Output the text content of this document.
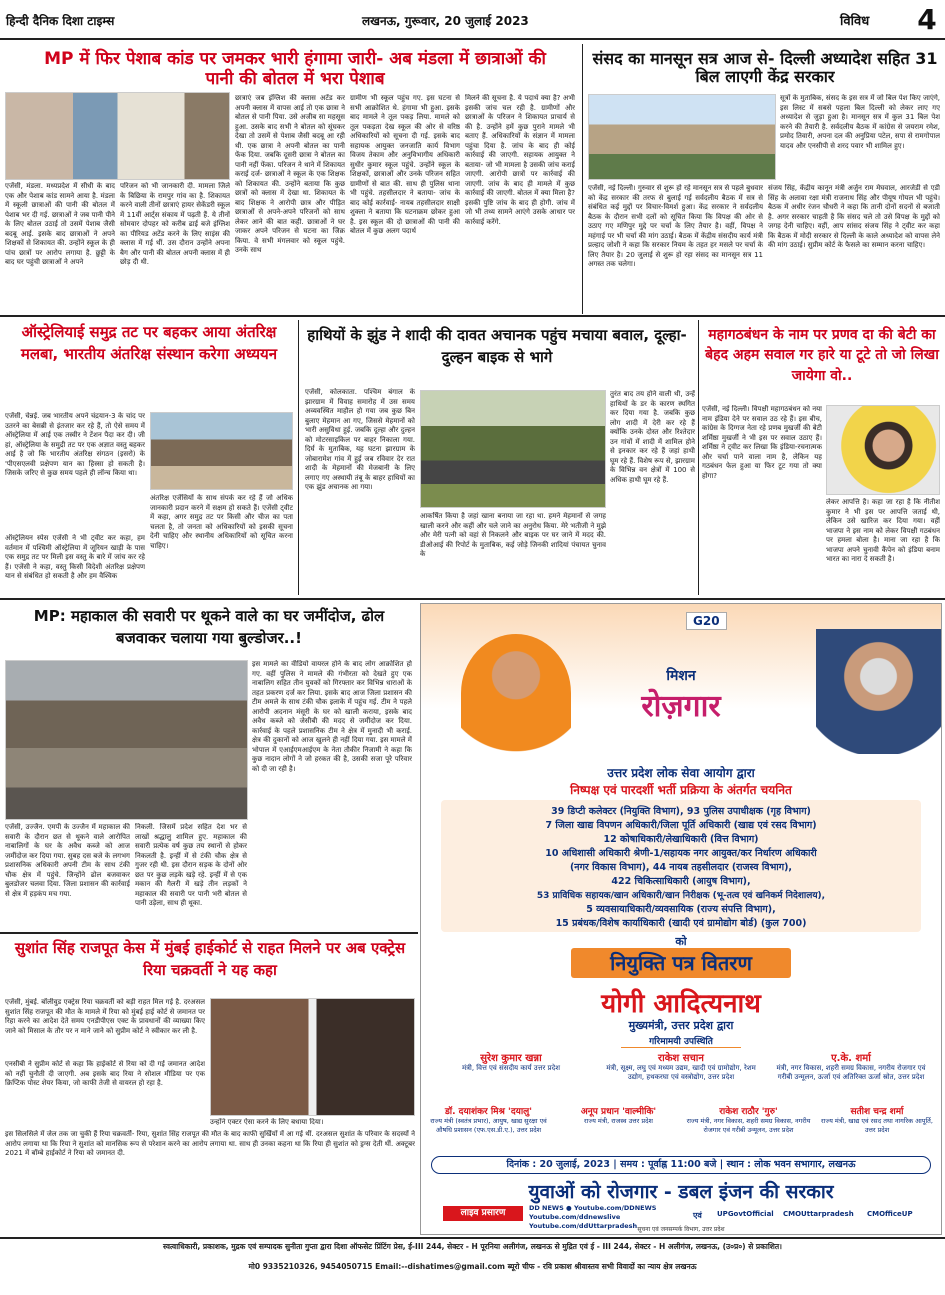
हिन्दी दैनिक दिशा टाइम्स	लखनऊ, गुरूवार, 20 जुलाई 2023	विविध 4
MP में फिर पेशाब कांड पर जमकर भारी हंगामा जारी- अब मंडला में छात्राओं की पानी की बोतल में भरा पेशाब
एजेंसी, मंडला. मध्यप्रदेश में सीधी के बाद एक और पेशाब कांड सामने आया है. मंडला में स्कूली छात्राओं की पानी की बोतल में पेशाब भर दी गई. छात्राओं ने जब पानी पीने के लिए बोतल उठाई तो उसमें पेशाब जैसी बदबू आई. इसके बाद छात्राओं ने अपने शिक्षकों से शिकायत की. उन्होंने स्कूल के ही पांच छात्रों पर आरोप लगाया है. छुट्टी के बाद घर पहुंची छात्राओं ने अपने
परिजन को भी जानकारी दी. मामला जिले के बिछिया के रामपुर गांव का है. शिकायत करने वाली तीनों छात्राएं हायर सेकेंडरी स्कूल में 11वीं आर्ट्स संकाय में पढ़ती हैं. ये तीनों सोमवार दोपहर को करीब ढाई बजे इंग्लिश का पीरियड अटेंड करने के लिए साइंस की क्लास में गई थीं. उस दौरान उन्होंने अपना बैग और पानी की बोतल अपनी क्लास में ही छोड़ दी थी.
छात्राएं जब इंग्लिश की क्लास अटेंड कर अपनी क्लास में वापस आई तो एक छात्रा ने बोतल से पानी पिया. उसे अजीब सा महसूस हुआ. उसके बाद सभी ने बोतल को सूंघकर देखा तो उसमें से पेशाब जैसी बदबू आ रही थी. एक छात्रा ने अपनी बोतल का पानी फेंक दिया. जबकि दूसरी छात्रा ने बोतल का पानी नहीं फेंका. परिजन ने थाने में शिकायत कराई दर्ज- छात्राओं ने स्कूल के एक शिक्षक को शिकायत की. उन्होंने बताया कि कुछ छात्रों को क्लास में देखा था. शिकायत के बाद शिक्षक ने आरोपी छात्र और पीड़ित छात्राओं से अपने-अपने परिजनों को साथ लेकर आने की बात कही. छात्राओं ने घर जाकर अपने परिजन से घटना का जिक्र किया. वे सभी मंगलवार को स्कूल पहुंचे. उनके साथ
ग्रामीण भी स्कूल पहुंच गए. इस घटना से सभी आक्रोशित थे. हंगामा भी हुआ. इसके बाद मामले ने तूल पकड़ लिया. मामले को तूल पकड़ता देख स्कूल की ओर से वरिष्ठ अधिकारियों को सूचना दी गई. इसके बाद सहायक आयुक्त जनजाति कार्य विभाग विजय तेकाम और अनुविभागीय अधिकारी सुधीर कुमार स्कूल पहुंचे. उन्होंने स्कूल के शिक्षकों, छात्राओं और उनके परिजन सहित ग्रामीणों से बात की. साथ ही पुलिस थाना भी पहुंचे. तहसीलदार ने बताया- जांच के बाद कोई कार्रवाई- नायब तहसीलदार साक्षी शुक्ला ने बताया कि घटनाक्रम छोकर हुआ है. इस स्कूल की दो छात्राओं की पानी की बोतल में कुछ अलग पदार्थ
मिलने की सूचना है. ये पदार्थ क्या है? अभी इसकी जांच चल रही है. ग्रामीणों और छात्राओं के परिजन ने शिकायत प्राचार्य से की है. उन्होंने हमें कुछ पुराने मामले भी बताए हैं. अधिकारियों के संज्ञान में मामला पहुंचा दिया है. जांच के बाद ही कोई कार्रवाई की जाएगी. सहायक आयुक्त ने बताया- जो भी मामला है उसकी जांच कराई जाएगी. आरोपी छात्रों पर कार्रवाई की जाएगी. जांच के बाद ही मामले में कुछ कार्रवाई की जाएगी. बोतल में क्या मिला है? इसकी पुष्टि जांच के बाद ही होगी. जांच में जो भी तथ्य सामने आएंगे उसके आधार पर कार्रवाई करेंगे.
संसद का मानसून सत्र आज से- दिल्ली अध्यादेश सहित 31 बिल लाएगी केंद्र सरकार
सूत्रों के मुताबिक, संसद के इस सत्र में जो बिल पेश किए जाएंगे, इस लिस्ट में सबसे पहला बिल दिल्ली को लेकर लाए गए अध्यादेश से जुड़ा हुआ है। मानसून सत्र में कुल 31 बिल पेश करने की तैयारी है. सर्वदलीय बैठक में कांग्रेस से जयराम रमेश, प्रमोद तिवारी, अपना दल की अनुप्रिया पटेल, सपा से रामगोपाल यादव और एनसीपी से शरद पवार भी शामिल हुए।
एजेंसी, नई दिल्ली। गुरुवार से शुरू हो रहे मानसून सत्र से पहले बुधवार को केंद्र सरकार की तरफ से बुलाई गई सर्वदलीय बैठक में सत्र से संबंधित कई मुद्दों पर विचार-विमर्श हुआ। केंद्र सरकार ने सर्वदलीय बैठक के दौरान सभी दलों को सूचित किया कि विपक्ष की ओर से उठाए गए मणिपुर मुद्दे पर चर्चा के लिए तैयार है। वहीं, विपक्ष ने महंगाई पर भी चर्चा की मांग उठाई। बैठक में केंद्रीय संसदीय कार्य मंत्री प्रल्हाद जोशी ने कहा कि सरकार नियम के तहत हर मसले पर चर्चा के लिए तैयार है। 20 जुलाई से शुरू हो रहा संसद का मानसून सत्र 11 अगस्त तक चलेगा।
संजय सिंह, केंद्रीय कानून मंत्री अर्जुन राम मेघवाल, आरजेडी से एडी सिंह के अलावा रक्षा मंत्री राजनाथ सिंह और पीयूष गोयल भी पहुंचे। बैठक में अधीर रंजन चौधरी ने कहा कि तानी दोनों सदनों से बजाती है. अगर सरकार चाहती है कि संसद चले तो उसे विपक्ष के मुद्दों को जगह देनी चाहिए। वहीं, आप सांसद संजय सिंह ने ट्वीट कर कहा कि बैठक में मोदी सरकार से दिल्ली के काले अध्यादेश को वापस लेने की मांग उठाई। सुप्रीम कोर्ट के फैसले का सम्मान करना चाहिए।
ऑस्ट्रेलियाई समुद्र तट पर बहकर आया अंतरिक्ष मलबा, भारतीय अंतरिक्ष संस्थान करेगा अध्ययन
एजेंसी, चेन्नई. जब भारतीय अपने चंद्रयान-3 के चांद पर उतरने का बेसब्री से इंतजार कर रहे हैं, तो ऐसे समय में ऑस्ट्रेलिया में आई एक तस्वीर ने टेंशन पैदा कर दी। जी हां, ऑस्ट्रेलिया के समुद्री तट पर एक अज्ञात वस्तु बहकर आई है जो कि भारतीय अंतरिक्ष संगठन (इसरो) के 'पीएसएलवी प्रक्षेपण यान का हिस्सा हो सकती है। जिसके जरिए से कुछ समय पहले ही लॉन्च किया था।
अंतरिक्ष एजेंसियों के साथ संपर्क कर रहे हैं जो अधिक जानकारी प्रदान करने में सक्षम हो सकते हैं। एजेंसी ट्वीट में कहा, अगर समुद्र तट पर किसी और चीज का पता चलता है, तो जनता को अधिकारियों को इसकी सूचना देनी चाहिए और स्थानीय अधिकारियों को सूचित करना चाहिए।
ऑस्ट्रेलियन स्पेस एजेंसी ने भी ट्वीट कर कहा, हम वर्तमान में पश्चिमी ऑस्ट्रेलिया में जूरियन खाड़ी के पास एक समुद्र तट पर मिली इस वस्तु के बारे में जांच कर रहे हैं। एजेंसी ने कहा, वस्तु किसी विदेशी अंतरिक्ष प्रक्षेपण यान से संबंधित हो सकती है और हम वैश्विक
हाथियों के झुंड ने शादी की दावत अचानक पहुंच मचाया बवाल, दूल्हा-दुल्हन बाइक से भागे
एजेंसी, कोलकाता. पश्चिम बंगाल के झारग्राम में विवाह समारोह में उस समय अव्यवस्थित माहौल हो गया जब कुछ बिन बुलाए मेहमान आ गए, जिससे मेहमानों को भारी असुविधा हुई. जबकि दूल्हा और दुल्हन को मोटरसाइकिल पर बाहर निकाला गया. दिर्घ के मुताबिक, यह घटना झारग्राम के जोबारामेश गांव में हुई जब रविवार देर रात शादी के मेहमानों की मेजबानी के लिए लगाए गए अस्थायी तंबू के बाहर हाथियों का एक झुंड अचानक आ गया।
आकर्षित किया है जहां खाना बनाया जा रहा था. हमने मेहमानों से जगह खाली करने और कहीं और चले जाने का अनुरोध किया. मेरे भतीजी ने मुझे और मेरी पत्नी को वहां से निकलने और बाइक पर घर जाने में मदद की. डीओआई की रिपोर्ट के मुताबिक, कई जोड़े जिनकी शादियां पंचायत चुनाव के
तुरंत बाद तय होने वाली थी, उन्हें हाथियों के डर के कारण स्थगित कर दिया गया है. जबकि कुछ लोग शादी में देरी कर रहे हैं क्योंकि उनके दोस्त और रिश्तेदार उन गांवों में शादी में शामिल होने से इनकार कर रहे हैं जहां हाथी घूम रहे हैं. विशेष रूप से, झारग्राम के विभिन्न वन क्षेत्रों में 100 से अधिक हाथी घूम रहे हैं.
महागठबंधन के नाम पर प्रणव दा की बेटी का बेहद अहम सवाल गर हारे या टूटे तो जो लिखा जायेगा वो..
एजेंसी, नई दिल्ली। विपक्षी महागठबंधन को नया नाम इंडिया देने पर सवाल उठ रहे हैं। इस बीच, कांग्रेस के दिग्गज नेता रहे प्रणब मुखर्जी की बेटी शर्मिष्ठा मुखर्जी ने भी इस पर सवाल उठाए हैं। शर्मिष्ठा ने ट्वीट कर लिखा कि इंडिया-रचनात्मक और चर्चा पाने वाला नाम है, लेकिन यह गठबंधन फेल हुआ या फिर टूट गया तो क्या होगा?
लेकर आपत्ति है। कहा जा रहा है कि नीतीश कुमार ने भी इस पर आपत्ति जताई थी, लेकिन उसे खारिज कर दिया गया। वहीं भाजपा ने इस नाम को लेकर विपक्षी गठबंधन पर हमला बोला है। माना जा रहा है कि भाजपा अपने चुनावी कैंपेन को इंडिया बनाम भारत का नारा दे सकती है।
MP: महाकाल की सवारी पर थूकने वाले का घर जमींदोज, ढोल बजवाकर चलाया गया बुल्डोजर..!
एजेंसी, उज्जैन. एमपी के उज्जैन में महाकाल की सवारी के दौरान छत से थूकने वाले आरोपित नाबालिगों के घर के अवैध कब्जे को आज जमींदोज कर दिया गया. सुबह दस बजे के लगभग प्रशासनिक अधिकारी अपनी टीम के साथ टंकी चौक क्षेत्र में पहुंचे. जिन्होंने ढोल बजवाकर बुलडोजर चलवा दिया. जिला प्रशासन की कार्रवाई से क्षेत्र में हड़कंप मच गया.
निकली. जिसमें प्रदेश सहित देश भर से लाखों श्रद्धालु शामिल हुए. महाकाल की सवारी प्रत्येक वर्ष कुछ तय स्थानों से होकर निकलती है. इन्हीं में से टंकी चौक क्षेत्र से गुजर रही थी. इस दौरान सड़क के दोनों ओर छत पर कुछ लड़के खड़े रहे. इन्हीं में से एक मकान की गैलरी में खड़े तीन लड़कों ने महाकाल की सवारी पर पानी भरी बोतल से पानी उड़ेला, साथ ही थूका.
इस मामले का वीडियो वायरल होने के बाद लोग आक्रोशित हो गए. वहीं पुलिस ने मामले की गंभीरता को देखते हुए एक नाबालिग सहित तीन युवकों को गिरफ्तार कर विभिन्न धाराओं के तहत प्रकरण दर्ज कर लिया. इसके बाद आज जिला प्रशासन की टीम अमले के साथ टंकी चौक इलाके में पहुंच गई. टीम ने पहले आरोपी अदनान मंसूरी के घर को खाली कराया, इसके बाद अवैध कब्जे को जेसीबी की मदद से जमींदोज कर दिया. कार्रवाई के पहले प्रशासनिक टीम ने क्षेत्र में मुनादी भी कराई. क्षेत्र की दुकानों को आज खुलने ही नहीं दिया गया. इस मामले में भोपाल में एआईएमआईएम के नेता तौकीर निजामी ने कहा कि कुछ नादान लोगों ने जो हरकत की है, उसकी सजा पूरे परिवार को दी जा रही है।
सुशांत सिंह राजपूत केस में मुंबई हाईकोर्ट से राहत मिलने पर अब एक्ट्रेस रिया चक्रवर्ती ने यह कहा
एजेंसी, मुंबई. बॉलीवुड एक्ट्रेस रिया चक्रवर्ती को बड़ी राहत मिल गई है. दरअसल सुशांत सिंह राजपूत की मौत के मामले में रिया को मुंबई हाई कोर्ट से जमानत पर रिहा करने का आदेश देते समय एनडीपीएस एक्ट के प्रावधानों की व्याख्या किए जाने को मिसाल के तौर पर न माने जाने को सुप्रीम कोर्ट ने स्वीकार कर ली है.
एनसीबी ने सुप्रीम कोर्ट से कहा कि हाईकोर्ट से रिया को दी गई जमानत आदेश को नहीं चुनौती दी जाएगी. अब इसके बाद रिया ने सोशल मीडिया पर एक क्रिप्टिक पोस्ट शेयर किया, जो काफी तेजी से वायरल हो रहा है.
उन्होंने एक्टर ऐसा करने के लिए बधाया दिया।
इस सिलसिले में जेल तक जा चुकी हैं रिया चक्रवर्ती- रिया, सुशांत सिंह राजपूत की मौत के बाद काफी सुर्खियों में आ गई थीं. दरअसल सुशांत के परिवार के सदस्यों ने आरोप लगाया था कि रिया ने सुशांत को मानसिक रूप से परेशान करने का आरोप लगाया था. साथ ही उनका कहना था कि रिया ही सुशांत को ड्रग्स देती थीं. अक्टूबर 2021 में बॉम्बे हाईकोर्ट ने रिया को जमानत दी.
G20
मिशन
रोज़गार
उत्तर प्रदेश लोक सेवा आयोग द्वारा
निष्पक्ष एवं पारदर्शी भर्ती प्रक्रिया के अंतर्गत चयनित
39 डिप्टी कलेक्टर (नियुक्ति विभाग), 93 पुलिस उपाधीक्षक (गृह विभाग)
7 जिला खाद्य विपणन अधिकारी/जिला पूर्ति अधिकारी (खाद्य एवं रसद विभाग)
12 कोषाधिकारी/लेखाधिकारी (वित्त विभाग)
10 अधिशासी अधिकारी श्रेणी-1/सहायक नगर आयुक्त/कर निर्धारण अधिकारी
(नगर विकास विभाग), 44 नायब तहसीलदार (राजस्व विभाग),
422 चिकित्साधिकारी (आयुष विभाग),
53 प्राविधिक सहायक/खान अधिकारी/खान निरीक्षक (भू-तत्व एवं खनिकर्म निदेशालय),
5 व्यवसायाधिकारी/व्यवसायिक (राज्य संपत्ति विभाग),
15 प्रबंधक/विशेष कार्याधिकारी (खादी एवं ग्रामोद्योग बोर्ड) (कुल 700)
को
नियुक्ति पत्र वितरण
योगी आदित्यनाथ
मुख्यमंत्री, उत्तर प्रदेश द्वारा
गरिमामयी उपस्थिति
सुरेश कुमार खन्ना
मंत्री, वित्त एवं संसदीय कार्य उत्तर प्रदेश
राकेश सचान
मंत्री, सूक्ष्म, लघु एवं मध्यम उद्यम, खादी एवं ग्रामोद्योग, रेशम उद्योग, हथकरघा एवं वस्त्रोद्योग, उत्तर प्रदेश
ए.के. शर्मा
मंत्री, नगर विकास, शहरी समग्र विकास, नगरीय रोजगार एवं गरीबी उन्मूलन, ऊर्जा एवं अतिरिक्त ऊर्जा स्रोत, उत्तर प्रदेश
डॉ. दयाशंकर मिश्र 'दयालु'
राज्य मंत्री (स्वतंत्र प्रभार), आयुष, खाद्य सुरक्षा एवं औषधि प्रशासन (एफ.एस.डी.ए.), उत्तर प्रदेश
अनूप प्रधान 'वाल्मीकि'
राज्य मंत्री, राजस्व उत्तर प्रदेश
राकेश राठौर 'गुरु'
राज्य मंत्री, नगर विकास, शहरी समग्र विकास, नगरीय रोजगार एवं गरीबी उन्मूलन, उत्तर प्रदेश
सतीश चन्द्र शर्मा
राज्य मंत्री, खाद्य एवं रसद तथा नागरिक आपूर्ति, उत्तर प्रदेश
दिनांक : 20 जुलाई, 2023 | समय : पूर्वाह्न 11:00 बजे | स्थान : लोक भवन सभागार, लखनऊ
युवाओं को रोजगार - डबल इंजन की सरकार
लाइव प्रसारण	DD NEWS ● Youtube.com/DDNEWS
Youtube.com/ddnewslive
Youtube.com/ddUttarpradesh
एवं UPGovtOfficial CMOUttarpradesh CMOfficeUP
सूचना एवं जनसम्पर्क विभाग, उत्तर प्रदेश
स्वत्वाधिकारी, प्रकाशक, मुद्रक एवं सम्पादक सुनीता गुप्ता द्वारा दिशा ऑफसेट प्रिंटिंग प्रेस, ई-III 244, सेक्टर - H पूरनिया अलीगंज, लखनऊ से मुद्रित एवं ई - III 244, सेक्टर - H अलीगंज, लखनऊ, (उ०प्र०) से प्रकाशित।
मो0 9335210326, 9454050715 Email:--dishatimes@gmail.com ब्यूरो चीफ - रवि प्रकाश श्रीवास्तव सभी विवादों का न्याय क्षेत्र लखनऊ
